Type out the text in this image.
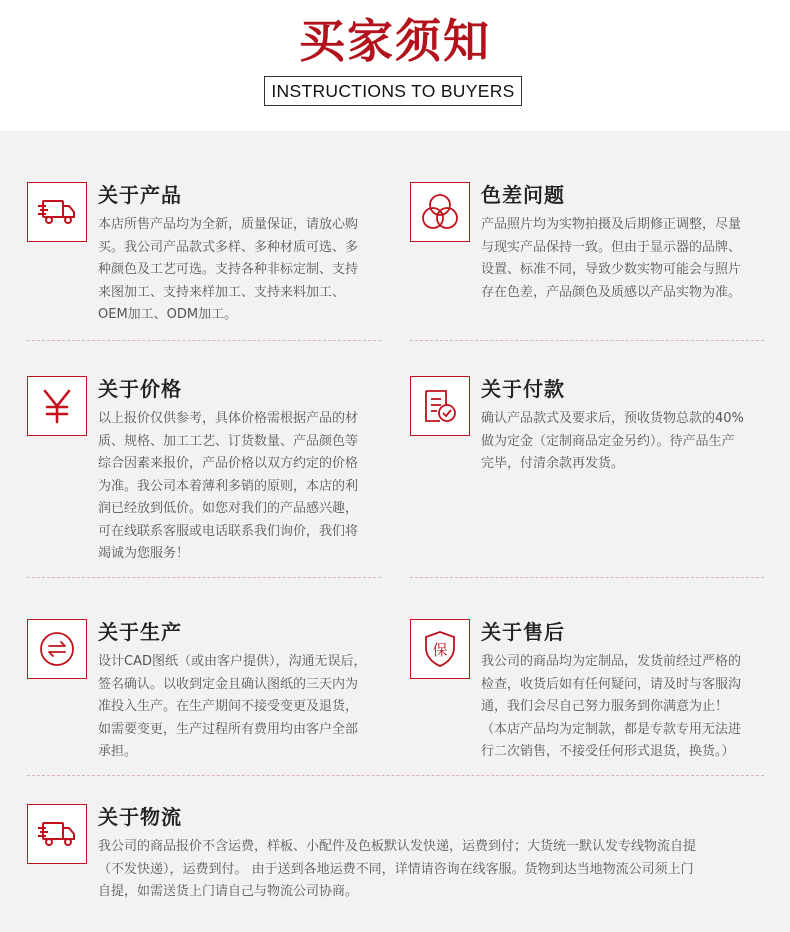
买家须知
INSTRUCTIONS TO BUYERS
关于产品
本店所售产品均为全新，质量保证，请放心购
买。我公司产品款式多样、多种材质可选、多
种颜色及工艺可选。支持各种非标定制、支持
来图加工、支持来样加工、支持来料加工、
OEM加工、ODM加工。
色差问题
产品照片均为实物拍摄及后期修正调整，尽量
与现实产品保持一致。但由于显示器的品牌、
设置、标准不同，导致少数实物可能会与照片
存在色差，产品颜色及质感以产品实物为准。
关于价格
以上报价仅供参考，具体价格需根据产品的材
质、规格、加工工艺、订货数量、产品颜色等
综合因素来报价，产品价格以双方约定的价格
为准。我公司本着薄利多销的原则，本店的利
润已经放到低价。如您对我们的产品感兴趣，
可在线联系客服或电话联系我们询价，我们将
竭诚为您服务！
关于付款
确认产品款式及要求后，预收货物总款的40%
做为定金（定制商品定金另约）。待产品生产
完毕，付清余款再发货。
关于生产
设计CAD图纸（或由客户提供），沟通无误后，
签名确认。以收到定金且确认图纸的三天内为
准投入生产。在生产期间不接受变更及退货，
如需要变更，生产过程所有费用均由客户全部
承担。
保
关于售后
我公司的商品均为定制品，发货前经过严格的
检查，收货后如有任何疑问，请及时与客服沟
通，我们会尽自己努力服务到你满意为止！
（本店产品均为定制款，都是专款专用无法进
行二次销售，不接受任何形式退货，换货。）
关于物流
我公司的商品报价不含运费，样板、小配件及色板默认发快递，运费到付；大货统一默认发专线物流自提
（不发快递），运费到付。 由于送到各地运费不同，详情请咨询在线客服。货物到达当地物流公司须上门
自提，如需送货上门请自己与物流公司协商。
